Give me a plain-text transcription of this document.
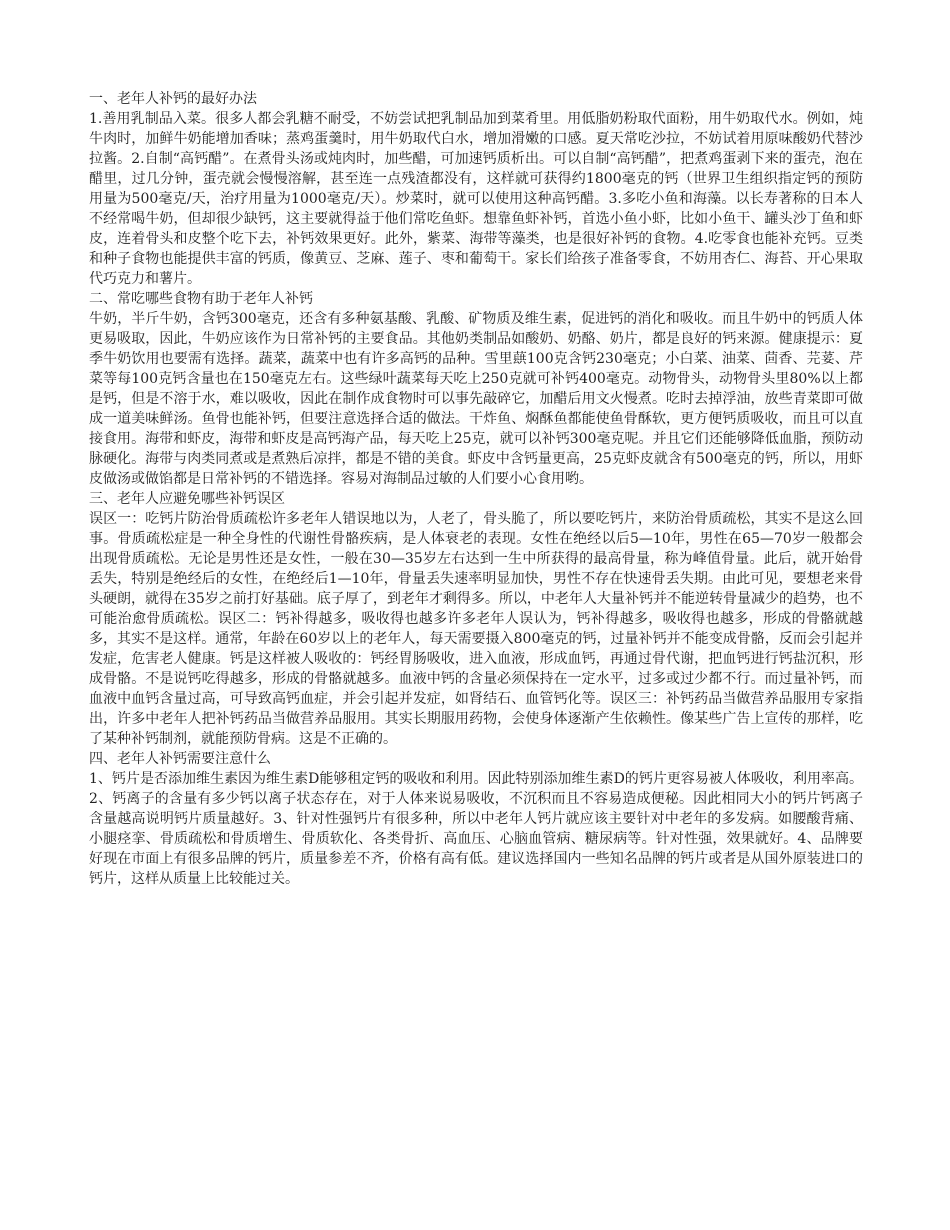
一、老年人补钙的最好办法

1.善用乳制品入菜。很多人都会乳糖不耐受，不妨尝试把乳制品加到菜肴里。用低脂奶粉取代面粉，用牛奶取代水。例如，炖牛肉时，加鲜牛奶能增加香味；蒸鸡蛋羹时，用牛奶取代白水，增加滑嫩的口感。夏天常吃沙拉，不妨试着用原味酸奶代替沙拉酱。2.自制“高钙醋”。在煮骨头汤或炖肉时，加些醋，可加速钙质析出。可以自制“高钙醋”，把煮鸡蛋剥下来的蛋壳，泡在醋里，过几分钟，蛋壳就会慢慢溶解，甚至连一点残渣都没有，这样就可获得约1800毫克的钙（世界卫生组织指定钙的预防用量为500毫克/天，治疗用量为1000毫克/天）。炒菜时，就可以使用这种高钙醋。3.多吃小鱼和海藻。以长寿著称的日本人不经常喝牛奶，但却很少缺钙，这主要就得益于他们常吃鱼虾。想靠鱼虾补钙，首选小鱼小虾，比如小鱼干、罐头沙丁鱼和虾皮，连着骨头和皮整个吃下去，补钙效果更好。此外，紫菜、海带等藻类，也是很好补钙的食物。4.吃零食也能补充钙。豆类和种子食物也能提供丰富的钙质，像黄豆、芝麻、莲子、枣和葡萄干。家长们给孩子准备零食，不妨用杏仁、海苔、开心果取代巧克力和薯片。

二、常吃哪些食物有助于老年人补钙

牛奶，半斤牛奶，含钙300毫克，还含有多种氨基酸、乳酸、矿物质及维生素，促进钙的消化和吸收。而且牛奶中的钙质人体更易吸取，因此，牛奶应该作为日常补钙的主要食品。其他奶类制品如酸奶、奶酪、奶片，都是良好的钙来源。健康提示：夏季牛奶饮用也要需有选择。蔬菜，蔬菜中也有许多高钙的品种。雪里蕻100克含钙230毫克；小白菜、油菜、茴香、芫荽、芹菜等每100克钙含量也在150毫克左右。这些绿叶蔬菜每天吃上250克就可补钙400毫克。动物骨头，动物骨头里80%以上都是钙，但是不溶于水，难以吸收，因此在制作成食物时可以事先敲碎它，加醋后用文火慢煮。吃时去掉浮油，放些青菜即可做成一道美味鲜汤。鱼骨也能补钙，但要注意选择合适的做法。干炸鱼、焖酥鱼都能使鱼骨酥软，更方便钙质吸收，而且可以直接食用。海带和虾皮，海带和虾皮是高钙海产品，每天吃上25克，就可以补钙300毫克呢。并且它们还能够降低血脂，预防动脉硬化。海带与肉类同煮或是煮熟后凉拌，都是不错的美食。虾皮中含钙量更高，25克虾皮就含有500毫克的钙，所以，用虾皮做汤或做馅都是日常补钙的不错选择。容易对海制品过敏的人们要小心食用哟。

三、老年人应避免哪些补钙误区

误区一：吃钙片防治骨质疏松许多老年人错误地以为，人老了，骨头脆了，所以要吃钙片，来防治骨质疏松，其实不是这么回事。骨质疏松症是一种全身性的代谢性骨骼疾病，是人体衰老的表现。女性在绝经以后5—10年，男性在65—70岁一般都会出现骨质疏松。无论是男性还是女性，一般在30—35岁左右达到一生中所获得的最高骨量，称为峰值骨量。此后，就开始骨丢失，特别是绝经后的女性，在绝经后1—10年，骨量丢失速率明显加快，男性不存在快速骨丢失期。由此可见，要想老来骨头硬朗，就得在35岁之前打好基础。底子厚了，到老年才剩得多。所以，中老年人大量补钙并不能逆转骨量减少的趋势，也不可能治愈骨质疏松。误区二：钙补得越多，吸收得也越多许多老年人误认为，钙补得越多，吸收得也越多，形成的骨骼就越多，其实不是这样。通常，年龄在60岁以上的老年人，每天需要摄入800毫克的钙，过量补钙并不能变成骨骼，反而会引起并发症，危害老人健康。钙是这样被人吸收的：钙经胃肠吸收，进入血液，形成血钙，再通过骨代谢，把血钙进行钙盐沉积，形成骨骼。不是说钙吃得越多，形成的骨骼就越多。血液中钙的含量必须保持在一定水平，过多或过少都不行。而过量补钙，而血液中血钙含量过高，可导致高钙血症，并会引起并发症，如肾结石、血管钙化等。误区三：补钙药品当做营养品服用专家指出，许多中老年人把补钙药品当做营养品服用。其实长期服用药物，会使身体逐渐产生依赖性。像某些广告上宣传的那样，吃了某种补钙制剂，就能预防骨病。这是不正确的。

四、老年人补钙需要注意什么

1、钙片是否添加维生素因为维生素D能够租定钙的吸收和利用。因此特别添加维生素D的钙片更容易被人体吸收，利用率高。2、钙离子的含量有多少钙以离子状态存在，对于人体来说易吸收，不沉积而且不容易造成便秘。因此相同大小的钙片钙离子含量越高说明钙片质量越好。3、针对性强钙片有很多种，所以中老年人钙片就应该主要针对中老年的多发病。如腰酸背痛、小腿痉挛、骨质疏松和骨质增生、骨质软化、各类骨折、高血压、心脑血管病、糖尿病等。针对性强，效果就好。4、品牌要好现在市面上有很多品牌的钙片，质量参差不齐，价格有高有低。建议选择国内一些知名品牌的钙片或者是从国外原装进口的钙片，这样从质量上比较能过关。
